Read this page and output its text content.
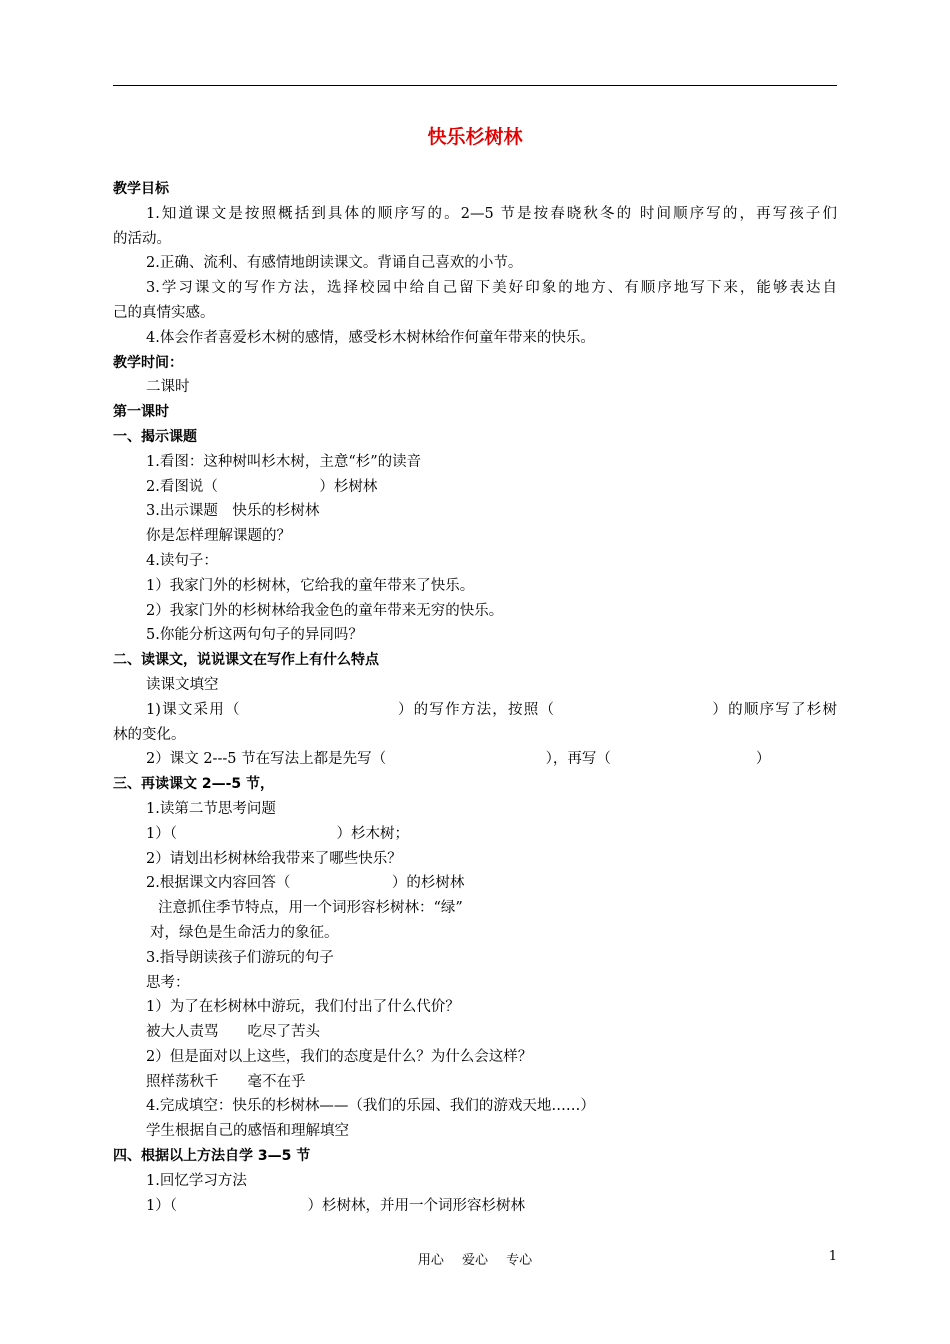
快乐杉树林
教学目标
1.知道课文是按照概括到具体的顺序写的。2—5 节是按春晓秋冬的 时间顺序写的，再写孩子们
的活动。
2.正确、流利、有感情地朗读课文。背诵自己喜欢的小节。
3.学习课文的写作方法，选择校园中给自己留下美好印象的地方、有顺序地写下来，能够表达自
己的真情实感。
4.体会作者喜爱杉木树的感情，感受杉木树林给作何童年带来的快乐。
教学时间：
二课时
第一课时
一、揭示课题
1.看图：这种树叫杉木树，主意“杉”的读音
2.看图说（　　　　　　　）杉树林
3.出示课题　快乐的杉树林
你是怎样理解课题的？
4.读句子：
1）我家门外的杉树林，它给我的童年带来了快乐。
2）我家门外的杉树林给我金色的童年带来无穷的快乐。
5.你能分析这两句句子的异同吗？
二、读课文，说说课文在写作上有什么特点
读课文填空
1)课文采用（　　　　　　　　　　）的写作方法，按照（　　　　　　　　　　）的顺序写了杉树
林的变化。
2）课文 2---5 节在写法上都是先写（　　　　　　　　　　　），再写（　　　　　　　　　　）
三、再读课文 2—-5 节，
1.读第二节思考问题
1）（　　　　　　　　　　　）杉木树；
2）请划出杉树林给我带来了哪些快乐？
2.根据课文内容回答（　　　　　　　）的杉树林
注意抓住季节特点，用一个词形容杉树林：“绿”
对，绿色是生命活力的象征。
3.指导朗读孩子们游玩的句子
思考：
1）为了在杉树林中游玩，我们付出了什么代价？
被大人责骂　　吃尽了苦头
2）但是面对以上这些，我们的态度是什么？为什么会这样？
照样荡秋千　　毫不在乎
4.完成填空：快乐的杉树林——（我们的乐园、我们的游戏天地……）
学生根据自己的感悟和理解填空
四、根据以上方法自学 3—5 节
1.回忆学习方法
1）（　　　　　　　　　）杉树林，并用一个词形容杉树林
用心 爱心 专心	1
